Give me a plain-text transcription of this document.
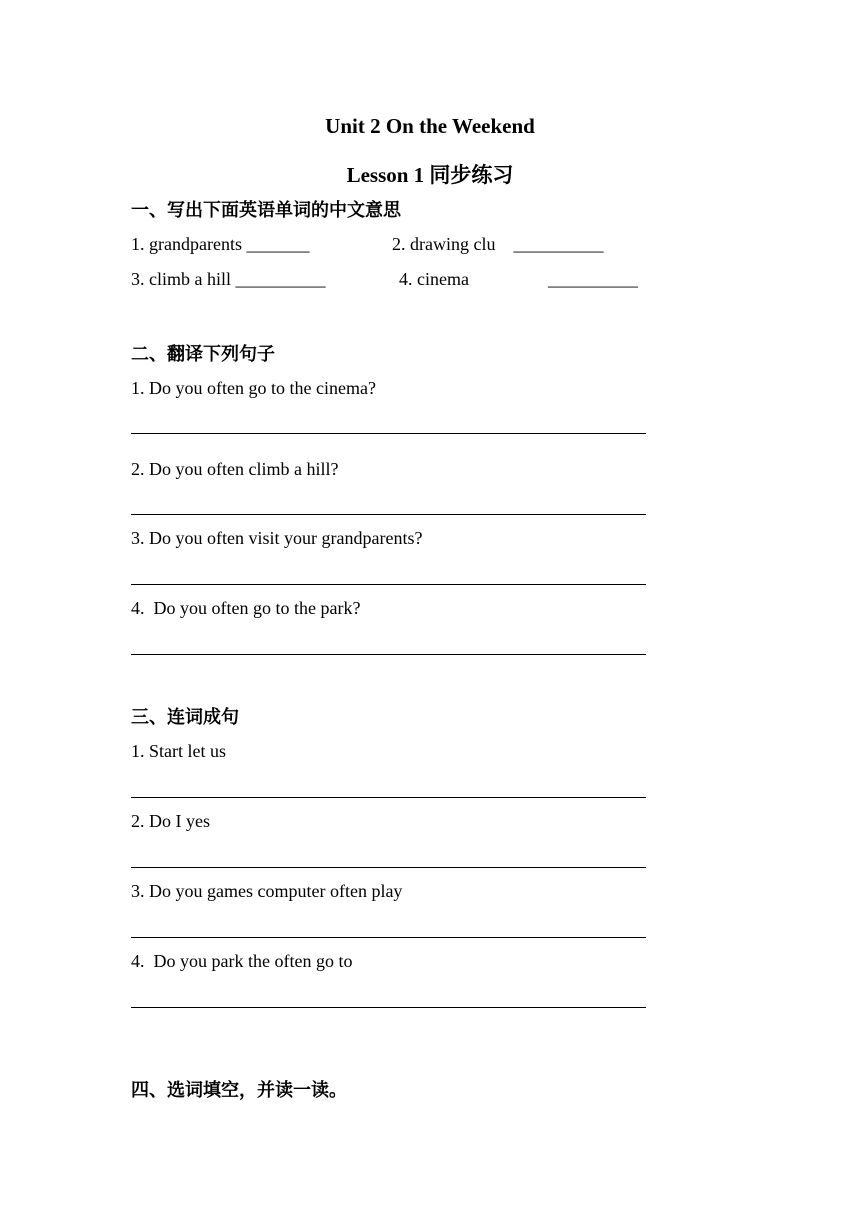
Unit 2 On the Weekend
Lesson 1 同步练习
一、写出下面英语单词的中文意思
1. grandparents _______	2. drawing clu    __________
3. climb a hill __________	4. cinema	__________
二、翻译下列句子
1. Do you often go to the cinema?
2. Do you often climb a hill?
3. Do you often visit your grandparents?
4.  Do you often go to the park?
三、连词成句
1. Start let us
2. Do I yes
3. Do you games computer often play
4.  Do you park the often go to
四、选词填空，并读一读。
